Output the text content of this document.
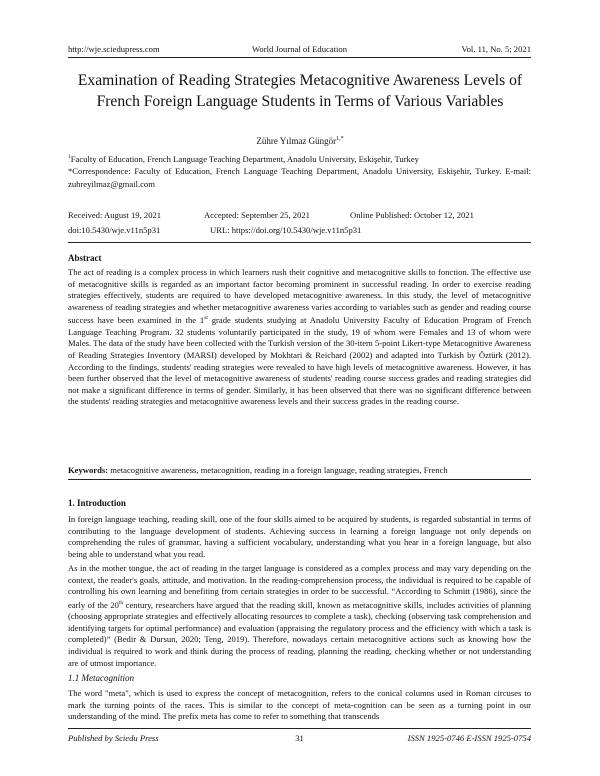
http://wje.sciedupress.com	World Journal of Education	Vol. 11, No. 5; 2021
Examination of Reading Strategies Metacognitive Awareness Levels of
French Foreign Language Students in Terms of Various Variables
Zühre Yılmaz Güngör$^{1,*}$
$^1$Faculty of Education, French Language Teaching Department, Anadolu University, Eskişehir, Turkey
*Correspondence: Faculty of Education, French Language Teaching Department, Anadolu University, Eskişehir, Turkey. E-mail: zuhreyilmaz@gmail.com
Received: August 19, 2021	Accepted: September 25, 2021	Online Published: October 12, 2021
doi:10.5430/wje.v11n5p31	URL: https://doi.org/10.5430/wje.v11n5p31
Abstract

The act of reading is a complex process in which learners rush their cognitive and metacognitive skills to fonction. The effective use of metacognitive skills is regarded as an important factor becoming prominent in successful reading. In order to exercise reading strategies effectively, students are required to have developed metacognitive awareness. In this study, the level of metacognitive awareness of reading strategies and whether metacognitive awareness varies according to variables such as gender and reading course success have been examined in the 1st grade students studying at Anadolu University Faculty of Education Program of French Language Teaching Program. 32 students voluntarily participated in the study, 19 of whom were Females and 13 of whom were Males. The data of the study have been collected with the Turkish version of the 30-item 5-point Likert-type Metacognitive Awareness of Reading Strategies Inventory (MARSI) developed by Mokhtari & Reichard (2002) and adapted into Turkish by Öztürk (2012). According to the findings, students' reading strategies were revealed to have high levels of metacognitive awareness. However, it has been further observed that the level of metacognitive awareness of students' reading course success grades and reading strategies did not make a significant difference in terms of gender. Similarly, it has been observed that there was no significant difference between the students' reading strategies and metacognitive awareness levels and their success grades in the reading course.

Keywords: metacognitive awareness, metacognition, reading in a foreign language, reading strategies, French

1. Introduction

In foreign language teaching, reading skill, one of the four skills aimed to be acquired by students, is regarded substantial in terms of contributing to the language development of students. Achieving success in learning a foreign language not only depends on comprehending the rules of grammar, having a sufficient vocabulary, understanding what you hear in a foreign language, but also being able to understand what you read.

As in the mother tongue, the act of reading in the target language is considered as a complex process and may vary depending on the context, the reader's goals, attitude, and motivation. In the reading-comprehension process, the individual is required to be capable of controlling his own learning and benefiting from certain strategies in order to be successful. “According to Schmitt (1986), since the early of the 20th century, researchers have argued that the reading skill, known as metacognitive skills, includes activities of planning (choosing appropriate strategies and effectively allocating resources to complete a task), checking (observing task comprehension and identifying targets for optimal performance) and evaluation (appraising the regulatory process and the efficiency with which a task is completed)” (Bedir & Dursun, 2020; Teng, 2019). Therefore, nowadays certain metacognitive actions such as knowing how the individual is required to work and think during the process of reading, planning the reading, checking whether or not understanding are of utmost importance.

1.1 Metacognition

The word "meta", which is used to express the concept of metacognition, refers to the conical columns used in Roman circuses to mark the turning points of the races. This is similar to the concept of meta-cognition can be seen as a turning point in our understanding of the mind. The prefix meta has come to refer to something that transcends

Published by Sciedu Press	31	ISSN 1925-0746 E-ISSN 1925-0754
